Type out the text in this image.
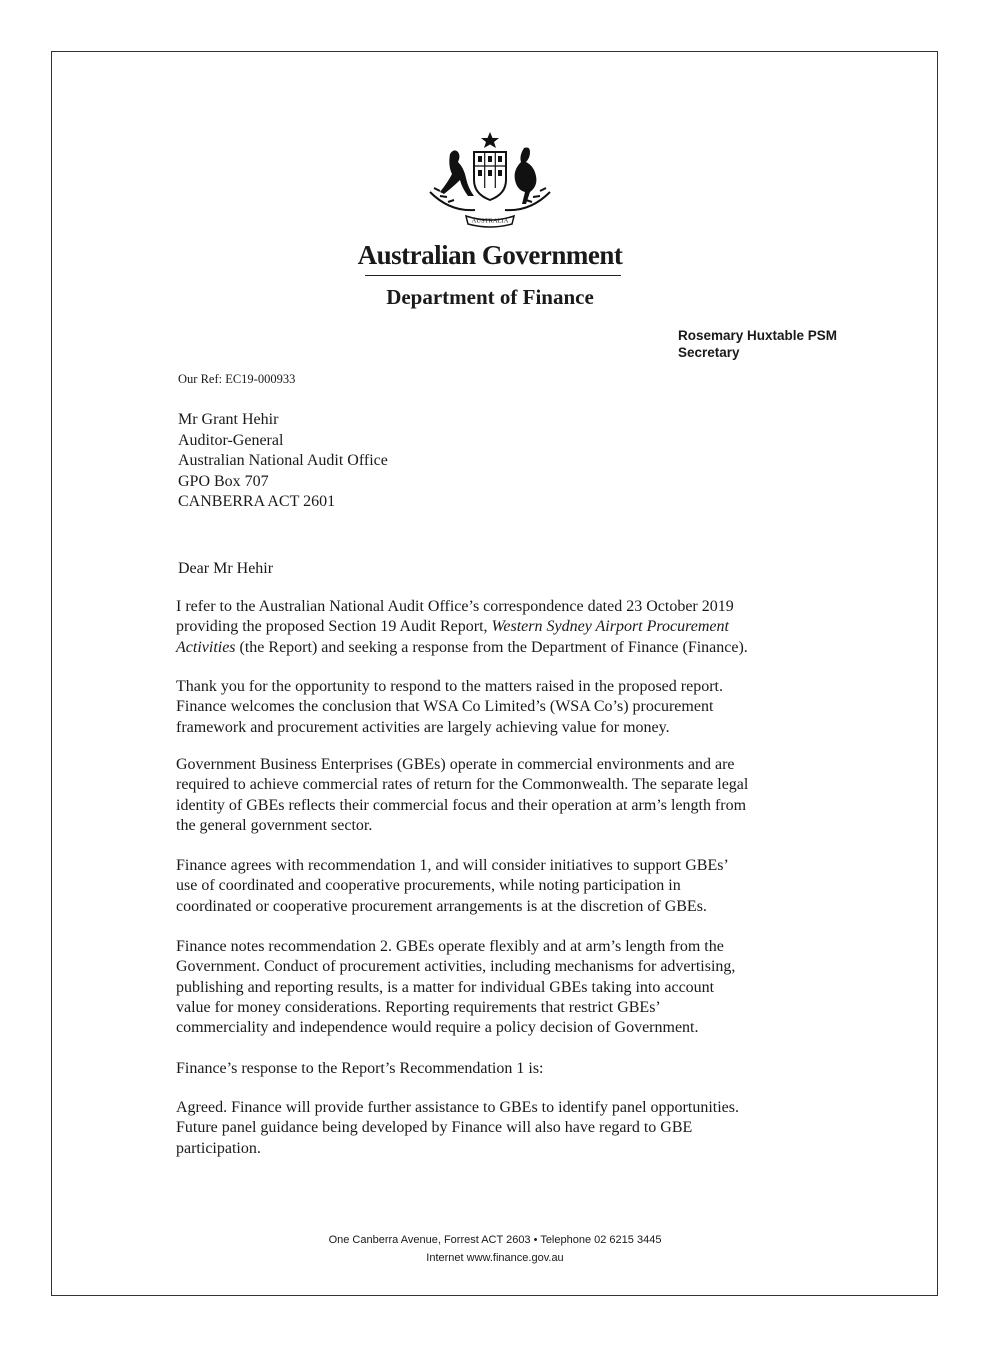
AUSTRALIA
Australian Government
Department of Finance
Rosemary Huxtable PSM
Secretary
Our Ref: EC19-000933
Mr Grant Hehir
Auditor-General
Australian National Audit Office
GPO Box 707
CANBERRA ACT 2601
Dear Mr Hehir

I refer to the Australian National Audit Office’s correspondence dated 23 October 2019
providing the proposed Section 19 Audit Report, Western Sydney Airport Procurement
Activities (the Report) and seeking a response from the Department of Finance (Finance).

Thank you for the opportunity to respond to the matters raised in the proposed report.
Finance welcomes the conclusion that WSA Co Limited’s (WSA Co’s) procurement
framework and procurement activities are largely achieving value for money.

Government Business Enterprises (GBEs) operate in commercial environments and are
required to achieve commercial rates of return for the Commonwealth. The separate legal
identity of GBEs reflects their commercial focus and their operation at arm’s length from
the general government sector.

Finance agrees with recommendation 1, and will consider initiatives to support GBEs’
use of coordinated and cooperative procurements, while noting participation in
coordinated or cooperative procurement arrangements is at the discretion of GBEs.

Finance notes recommendation 2. GBEs operate flexibly and at arm’s length from the
Government. Conduct of procurement activities, including mechanisms for advertising,
publishing and reporting results, is a matter for individual GBEs taking into account
value for money considerations. Reporting requirements that restrict GBEs’
commerciality and independence would require a policy decision of Government.

Finance’s response to the Report’s Recommendation 1 is:

Agreed. Finance will provide further assistance to GBEs to identify panel opportunities.
Future panel guidance being developed by Finance will also have regard to GBE
participation.

One Canberra Avenue, Forrest ACT 2603 • Telephone 02 6215 3445
Internet www.finance.gov.au
